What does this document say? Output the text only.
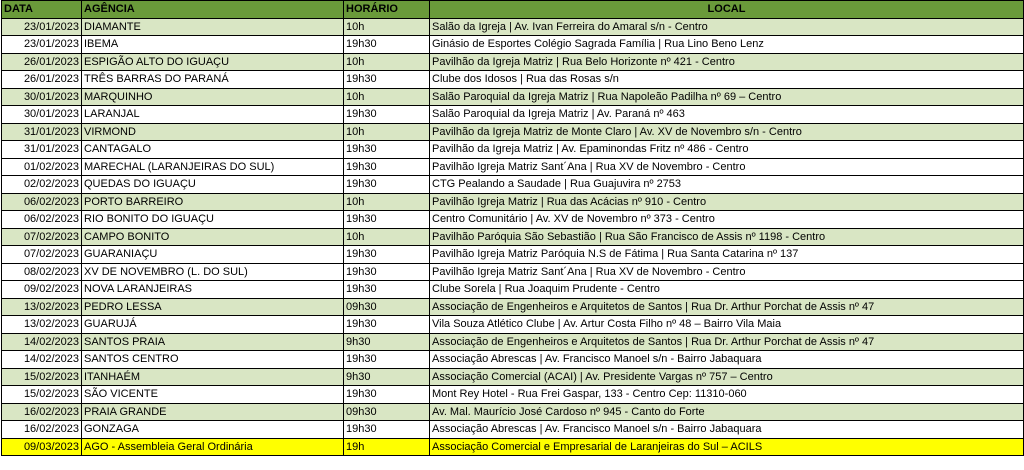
DATA	AGÊNCIA	HORÁRIO	LOCAL
23/01/2023	DIAMANTE	10h	Salão da Igreja | Av. Ivan Ferreira do Amaral s/n - Centro
23/01/2023	IBEMA	19h30	Ginásio de Esportes Colégio Sagrada Família | Rua Lino Beno Lenz
26/01/2023	ESPIGÃO ALTO DO IGUAÇU	10h	Pavilhão da Igreja Matriz | Rua Belo Horizonte nº 421 - Centro
26/01/2023	TRÊS BARRAS DO PARANÁ	19h30	Clube dos Idosos | Rua das Rosas s/n
30/01/2023	MARQUINHO	10h	Salão Paroquial da Igreja Matriz | Rua Napoleão Padilha nº 69 – Centro
30/01/2023	LARANJAL	19h30	Salão Paroquial da Igreja Matriz | Av. Paraná nº 463
31/01/2023	VIRMOND	10h	Pavilhão da Igreja Matriz de Monte Claro | Av. XV de Novembro s/n - Centro
31/01/2023	CANTAGALO	19h30	Pavilhão da Igreja Matriz | Av. Epaminondas Fritz nº 486 - Centro
01/02/2023	MARECHAL (LARANJEIRAS DO SUL)	19h30	Pavilhão Igreja Matriz Sant´Ana | Rua XV de Novembro - Centro
02/02/2023	QUEDAS DO IGUAÇU	19h30	CTG Pealando a Saudade | Rua Guajuvira nº 2753
06/02/2023	PORTO BARREIRO	10h	Pavilhão Igreja Matriz | Rua das Acácias nº 910 - Centro
06/02/2023	RIO BONITO DO IGUAÇU	19h30	Centro Comunitário | Av. XV de Novembro nº 373 - Centro
07/02/2023	CAMPO BONITO	10h	Pavilhão Paróquia São Sebastião | Rua São Francisco de Assis nº 1198 - Centro
07/02/2023	GUARANIAÇU	19h30	Pavilhão Igreja Matriz Paróquia N.S de Fátima | Rua Santa Catarina nº 137
08/02/2023	XV DE NOVEMBRO (L. DO SUL)	19h30	Pavilhão Igreja Matriz Sant´Ana | Rua XV de Novembro - Centro
09/02/2023	NOVA LARANJEIRAS	19h30	Clube Sorela | Rua Joaquim Prudente - Centro
13/02/2023	PEDRO LESSA	09h30	Associação de Engenheiros e Arquitetos de Santos | Rua Dr. Arthur Porchat de Assis nº 47
13/02/2023	GUARUJÁ	19h30	Vila Souza Atlético Clube | Av. Artur Costa Filho nº 48 – Bairro Vila Maia
14/02/2023	SANTOS PRAIA	9h30	Associação de Engenheiros e Arquitetos de Santos | Rua Dr. Arthur Porchat de Assis nº 47
14/02/2023	SANTOS CENTRO	19h30	Associação Abrescas | Av. Francisco Manoel s/n - Bairro Jabaquara
15/02/2023	ITANHAÉM	9h30	Associação Comercial (ACAI) | Av. Presidente Vargas nº 757 – Centro
15/02/2023	SÃO VICENTE	19h30	Mont Rey Hotel - Rua Frei Gaspar, 133 - Centro Cep: 11310-060
16/02/2023	PRAIA GRANDE	09h30	Av. Mal. Maurício José Cardoso nº 945 - Canto do Forte
16/02/2023	GONZAGA	19h30	Associação Abrescas | Av. Francisco Manoel s/n - Bairro Jabaquara
09/03/2023	AGO - Assembleia Geral Ordinária	19h	Associação Comercial e Empresarial de Laranjeiras do Sul – ACILS
